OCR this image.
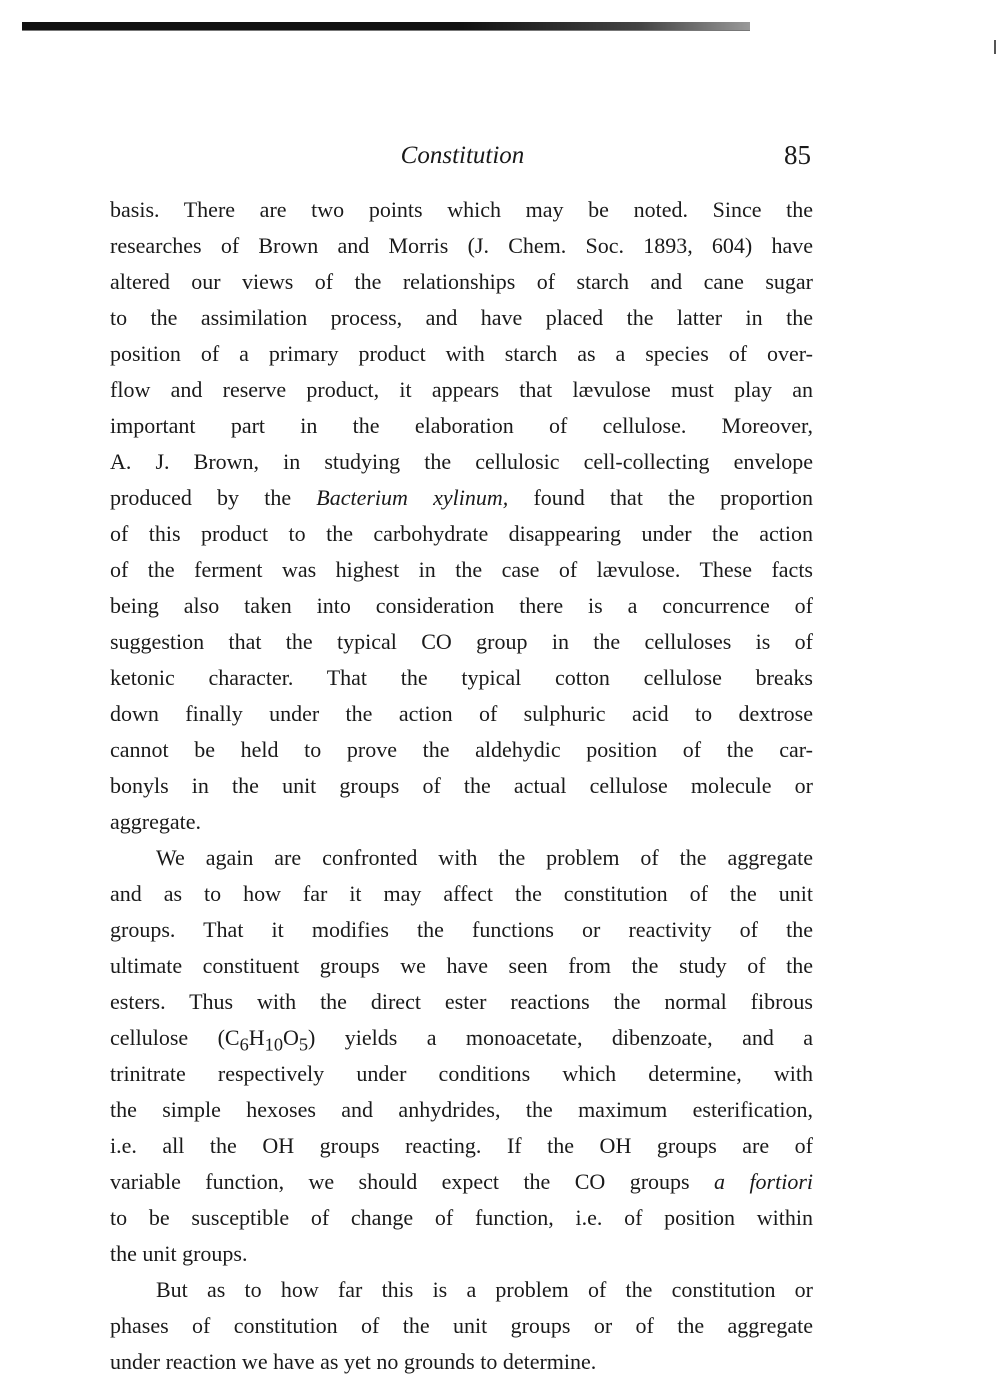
Constitution	85
basis. There are two points which may be noted. Since the
researches of Brown and Morris (J. Chem. Soc. 1893, 604) have
altered our views of the relationships of starch and cane sugar
to the assimilation process, and have placed the latter in the
position of a primary product with starch as a species of over-
flow and reserve product, it appears that lævulose must play an
important part in the elaboration of cellulose. Moreover,
A. J. Brown, in studying the cellulosic cell-collecting envelope
produced by the Bacterium xylinum, found that the proportion
of this product to the carbohydrate disappearing under the action
of the ferment was highest in the case of lævulose. These facts
being also taken into consideration there is a concurrence of
suggestion that the typical CO group in the celluloses is of
ketonic character. That the typical cotton cellulose breaks
down finally under the action of sulphuric acid to dextrose
cannot be held to prove the aldehydic position of the car-
bonyls in the unit groups of the actual cellulose molecule or
aggregate.
We again are confronted with the problem of the aggregate
and as to how far it may affect the constitution of the unit
groups. That it modifies the functions or reactivity of the
ultimate constituent groups we have seen from the study of the
esters. Thus with the direct ester reactions the normal fibrous
cellulose $(C_6H_{10}O_5)$ yields a monoacetate, dibenzoate, and a
trinitrate respectively under conditions which determine, with
the simple hexoses and anhydrides, the maximum esterification,
i.e. all the OH groups reacting. If the OH groups are of
variable function, we should expect the CO groups a fortiori
to be susceptible of change of function, i.e. of position within
the unit groups.
But as to how far this is a problem of the constitution or
phases of constitution of the unit groups or of the aggregate
under reaction we have as yet no grounds to determine.
